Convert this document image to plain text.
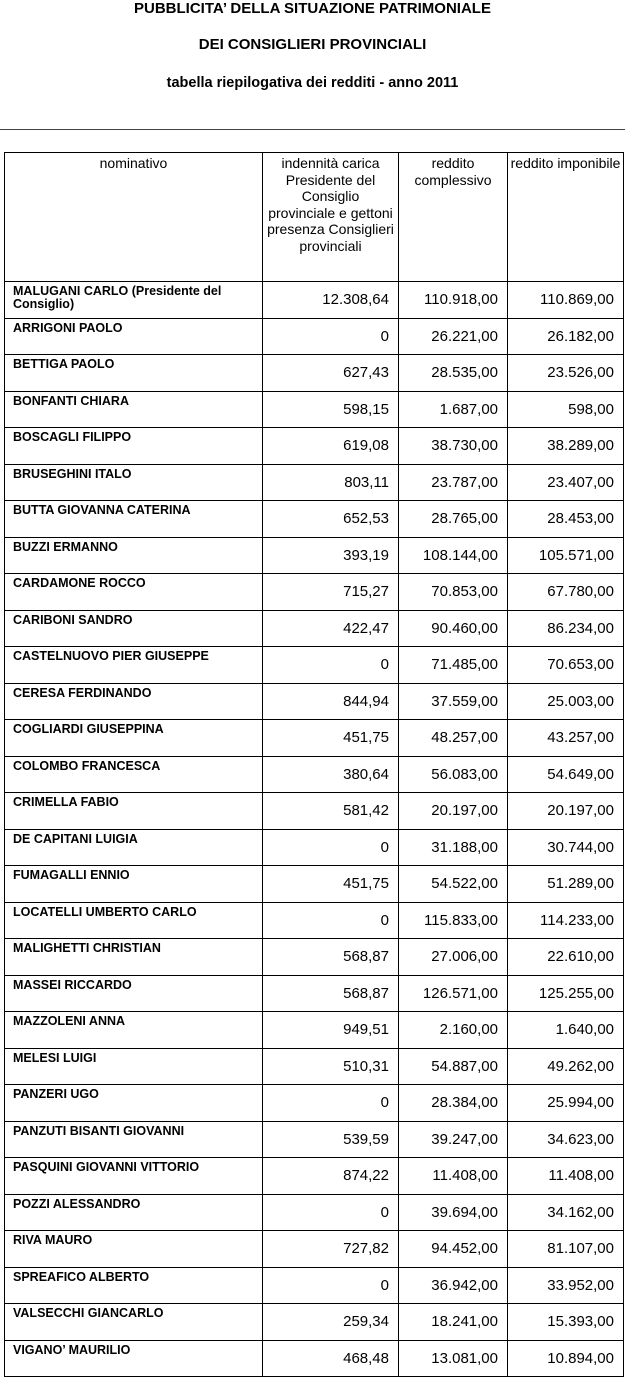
PUBBLICITA’ DELLA SITUAZIONE PATRIMONIALE
DEI CONSIGLIERI PROVINCIALI
tabella riepilogativa dei redditi - anno 2011
nominativo	indennità carica Presidente del Consiglio provinciale e gettoni presenza Consiglieri provinciali	reddito complessivo	reddito imponibile
MALUGANI CARLO (Presidente del Consiglio)	12.308,64	110.918,00	110.869,00
ARRIGONI PAOLO	0	26.221,00	26.182,00
BETTIGA PAOLO	627,43	28.535,00	23.526,00
BONFANTI CHIARA	598,15	1.687,00	598,00
BOSCAGLI FILIPPO	619,08	38.730,00	38.289,00
BRUSEGHINI ITALO	803,11	23.787,00	23.407,00
BUTTA GIOVANNA CATERINA	652,53	28.765,00	28.453,00
BUZZI ERMANNO	393,19	108.144,00	105.571,00
CARDAMONE ROCCO	715,27	70.853,00	67.780,00
CARIBONI SANDRO	422,47	90.460,00	86.234,00
CASTELNUOVO PIER GIUSEPPE	0	71.485,00	70.653,00
CERESA FERDINANDO	844,94	37.559,00	25.003,00
COGLIARDI GIUSEPPINA	451,75	48.257,00	43.257,00
COLOMBO FRANCESCA	380,64	56.083,00	54.649,00
CRIMELLA FABIO	581,42	20.197,00	20.197,00
DE CAPITANI LUIGIA	0	31.188,00	30.744,00
FUMAGALLI ENNIO	451,75	54.522,00	51.289,00
LOCATELLI UMBERTO CARLO	0	115.833,00	114.233,00
MALIGHETTI CHRISTIAN	568,87	27.006,00	22.610,00
MASSEI RICCARDO	568,87	126.571,00	125.255,00
MAZZOLENI ANNA	949,51	2.160,00	1.640,00
MELESI LUIGI	510,31	54.887,00	49.262,00
PANZERI UGO	0	28.384,00	25.994,00
PANZUTI BISANTI GIOVANNI	539,59	39.247,00	34.623,00
PASQUINI GIOVANNI VITTORIO	874,22	11.408,00	11.408,00
POZZI ALESSANDRO	0	39.694,00	34.162,00
RIVA MAURO	727,82	94.452,00	81.107,00
SPREAFICO ALBERTO	0	36.942,00	33.952,00
VALSECCHI GIANCARLO	259,34	18.241,00	15.393,00
VIGANO’ MAURILIO	468,48	13.081,00	10.894,00
